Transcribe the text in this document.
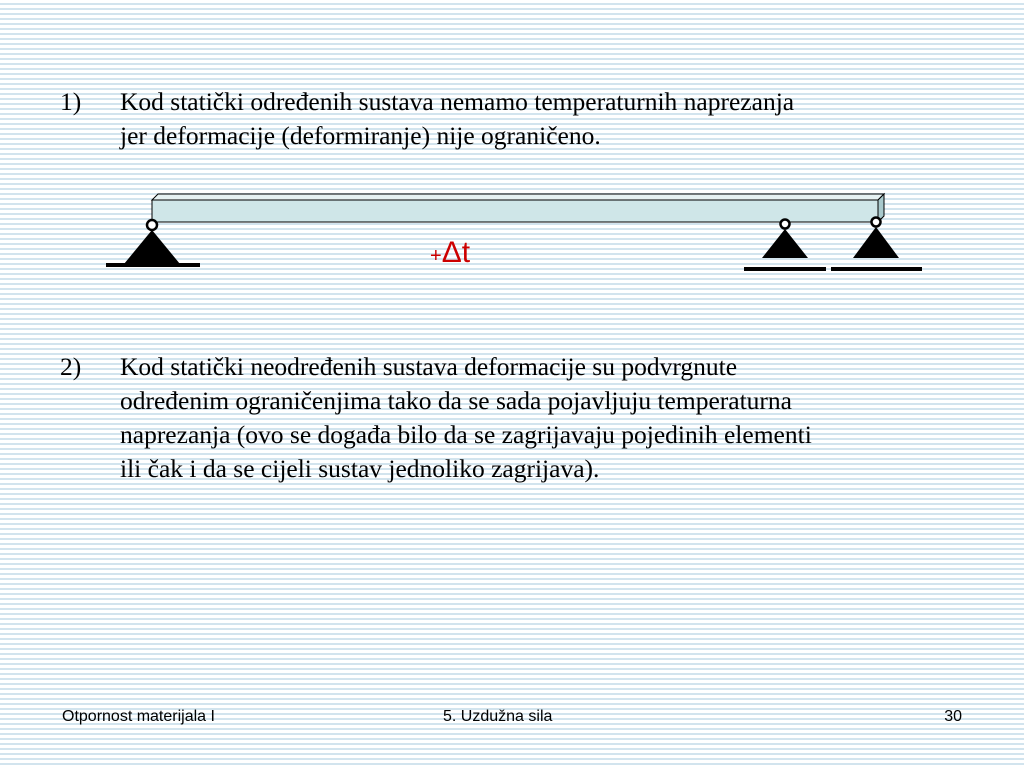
1)	Kod statički određenih sustava nemamo temperaturnih naprezanja
jer deformacije (deformiranje) nije ograničeno.
+Δt
2)	Kod statički neodređenih sustava deformacije su podvrgnute
određenim ograničenjima tako da se sada pojavljuju temperaturna
naprezanja (ovo se događa bilo da se zagrijavaju pojedinih elementi
ili čak i da se cijeli sustav jednoliko zagrijava).
Otpornost materijala I	5. Uzdužna sila	30
